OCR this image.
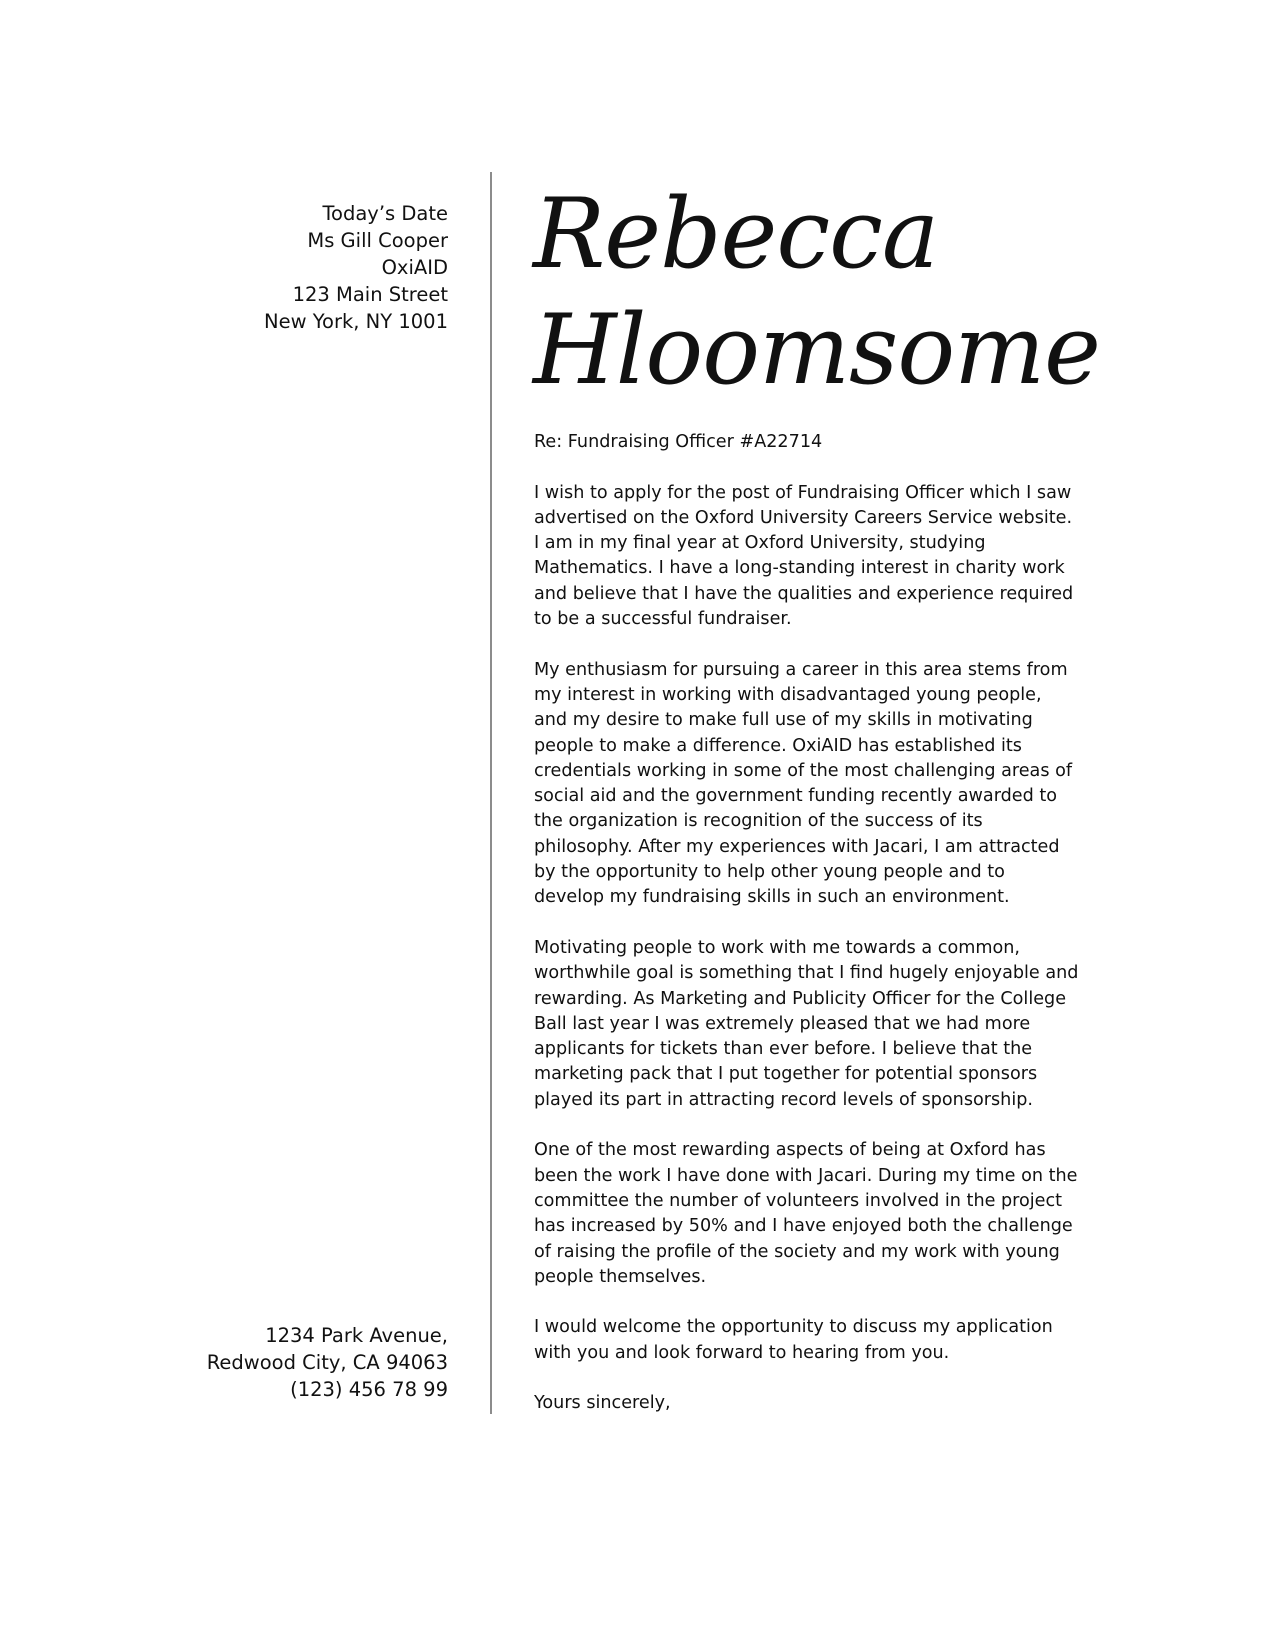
Today’s Date
Ms Gill Cooper
OxiAID
123 Main Street
New York, NY 1001
Rebecca
Hloomsome

Re: Fundraising Officer #A22714

I wish to apply for the post of Fundraising Officer which I saw advertised on the Oxford University Careers Service website. I am in my final year at Oxford University, studying Mathematics. I have a long-standing interest in charity work and believe that I have the qualities and experience required to be a successful fundraiser.

My enthusiasm for pursuing a career in this area stems from my interest in working with disadvantaged young people, and my desire to make full use of my skills in motivating people to make a difference. OxiAID has established its credentials working in some of the most challenging areas of social aid and the government funding recently awarded to the organization is recognition of the success of its philosophy. After my experiences with Jacari, I am attracted by the opportunity to help other young people and to develop my fundraising skills in such an environment.

Motivating people to work with me towards a common, worthwhile goal is something that I find hugely enjoyable and rewarding. As Marketing and Publicity Officer for the College Ball last year I was extremely pleased that we had more applicants for tickets than ever before. I believe that the marketing pack that I put together for potential sponsors played its part in attracting record levels of sponsorship.

One of the most rewarding aspects of being at Oxford has been the work I have done with Jacari. During my time on the committee the number of volunteers involved in the project has increased by 50% and I have enjoyed both the challenge of raising the profile of the society and my work with young people themselves.

I would welcome the opportunity to discuss my application with you and look forward to hearing from you.

Yours sincerely,

1234 Park Avenue,
Redwood City, CA 94063
(123) 456 78 99
